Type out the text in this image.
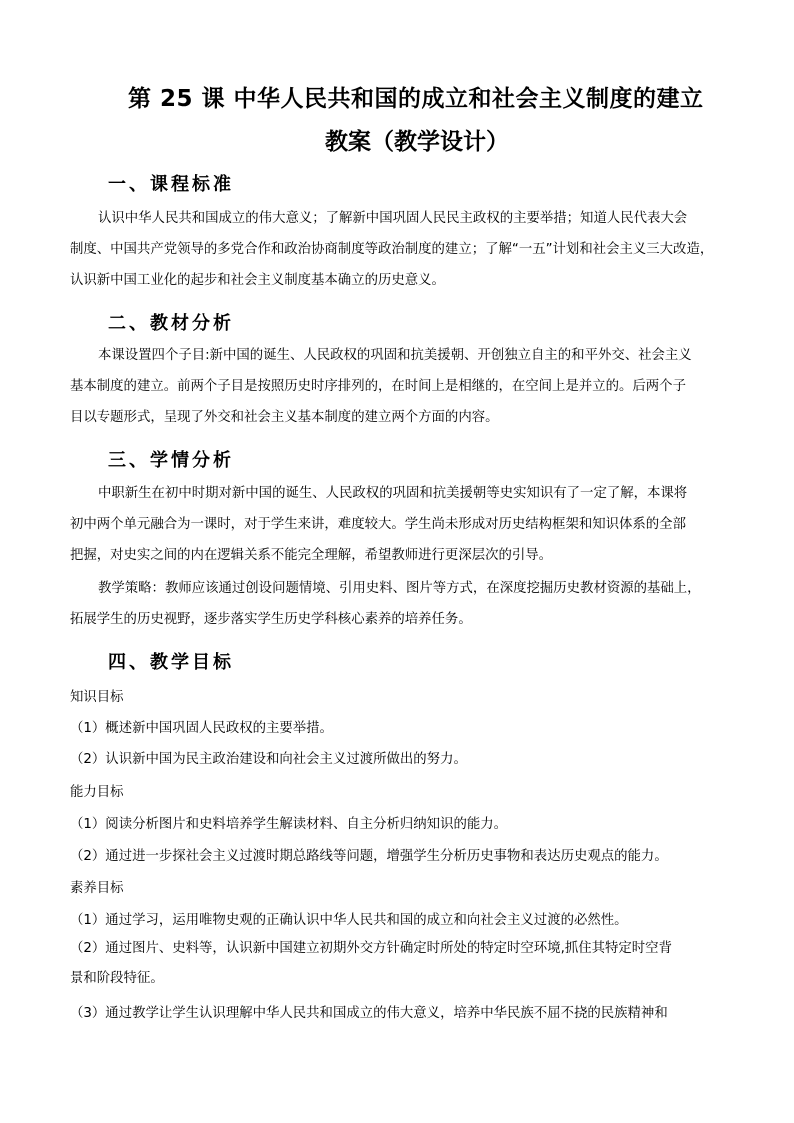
第 25 课 中华人民共和国的成立和社会主义制度的建立
教案（教学设计）
一、课程标准
认识中华人民共和国成立的伟大意义；了解新中国巩固人民民主政权的主要举措；知道人民代表大会
制度、中国共产党领导的多党合作和政治协商制度等政治制度的建立；了解“一五”计划和社会主义三大改造，
认识新中国工业化的起步和社会主义制度基本确立的历史意义。
二、教材分析
本课设置四个子目:新中国的诞生、人民政权的巩固和抗美援朝、开创独立自主的和平外交、社会主义
基本制度的建立。前两个子目是按照历史时序排列的，在时间上是相继的，在空间上是并立的。后两个子
目以专题形式，呈现了外交和社会主义基本制度的建立两个方面的内容。
三、学情分析
中职新生在初中时期对新中国的诞生、人民政权的巩固和抗美援朝等史实知识有了一定了解，本课将
初中两个单元融合为一课时，对于学生来讲，难度较大。学生尚未形成对历史结构框架和知识体系的全部
把握，对史实之间的内在逻辑关系不能完全理解，希望教师进行更深层次的引导。
教学策略：教师应该通过创设问题情境、引用史料、图片等方式，在深度挖掘历史教材资源的基础上，
拓展学生的历史视野，逐步落实学生历史学科核心素养的培养任务。
四、教学目标
知识目标
（1）概述新中国巩固人民政权的主要举措。
（2）认识新中国为民主政治建设和向社会主义过渡所做出的努力。
能力目标
（1）阅读分析图片和史料培养学生解读材料、自主分析归纳知识的能力。
（2）通过进一步探社会主义过渡时期总路线等问题，增强学生分析历史事物和表达历史观点的能力。
素养目标
（1）通过学习，运用唯物史观的正确认识中华人民共和国的成立和向社会主义过渡的必然性。
（2）通过图片、史料等，认识新中国建立初期外交方针确定时所处的特定时空环境,抓住其特定时空背
景和阶段特征。
（3）通过教学让学生认识理解中华人民共和国成立的伟大意义，培养中华民族不屈不挠的民族精神和
